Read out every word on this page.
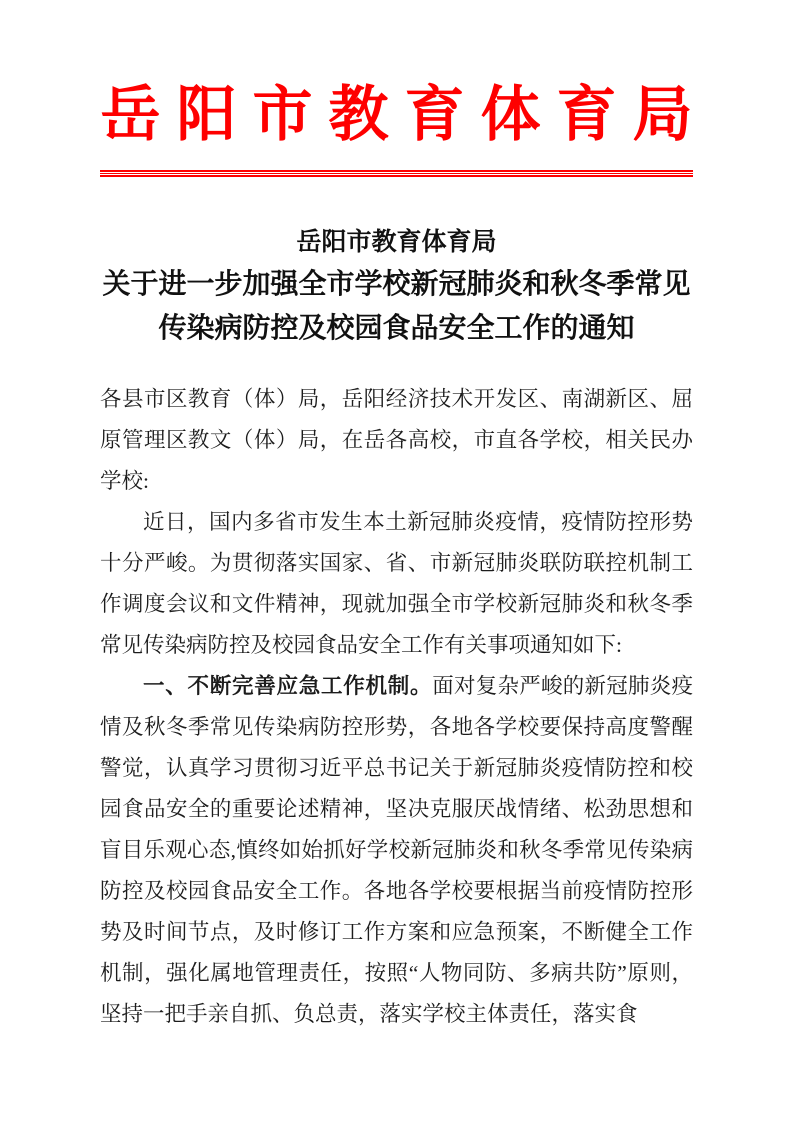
岳阳市教育体育局
岳阳市教育体育局
关于进一步加强全市学校新冠肺炎和秋冬季常见
传染病防控及校园食品安全工作的通知

各县市区教育（体）局，岳阳经济技术开发区、南湖新区、屈原管理区教文（体）局，在岳各高校，市直各学校，相关民办学校:

近日，国内多省市发生本土新冠肺炎疫情，疫情防控形势十分严峻。为贯彻落实国家、省、市新冠肺炎联防联控机制工作调度会议和文件精神，现就加强全市学校新冠肺炎和秋冬季常见传染病防控及校园食品安全工作有关事项通知如下:

一、不断完善应急工作机制。面对复杂严峻的新冠肺炎疫情及秋冬季常见传染病防控形势，各地各学校要保持高度警醒警觉，认真学习贯彻习近平总书记关于新冠肺炎疫情防控和校园食品安全的重要论述精神，坚决克服厌战情绪、松劲思想和盲目乐观心态,慎终如始抓好学校新冠肺炎和秋冬季常见传染病防控及校园食品安全工作。各地各学校要根据当前疫情防控形势及时间节点，及时修订工作方案和应急预案，不断健全工作机制，强化属地管理责任，按照“人物同防、多病共防”原则，坚持一把手亲自抓、负总责，落实学校主体责任，落实食
